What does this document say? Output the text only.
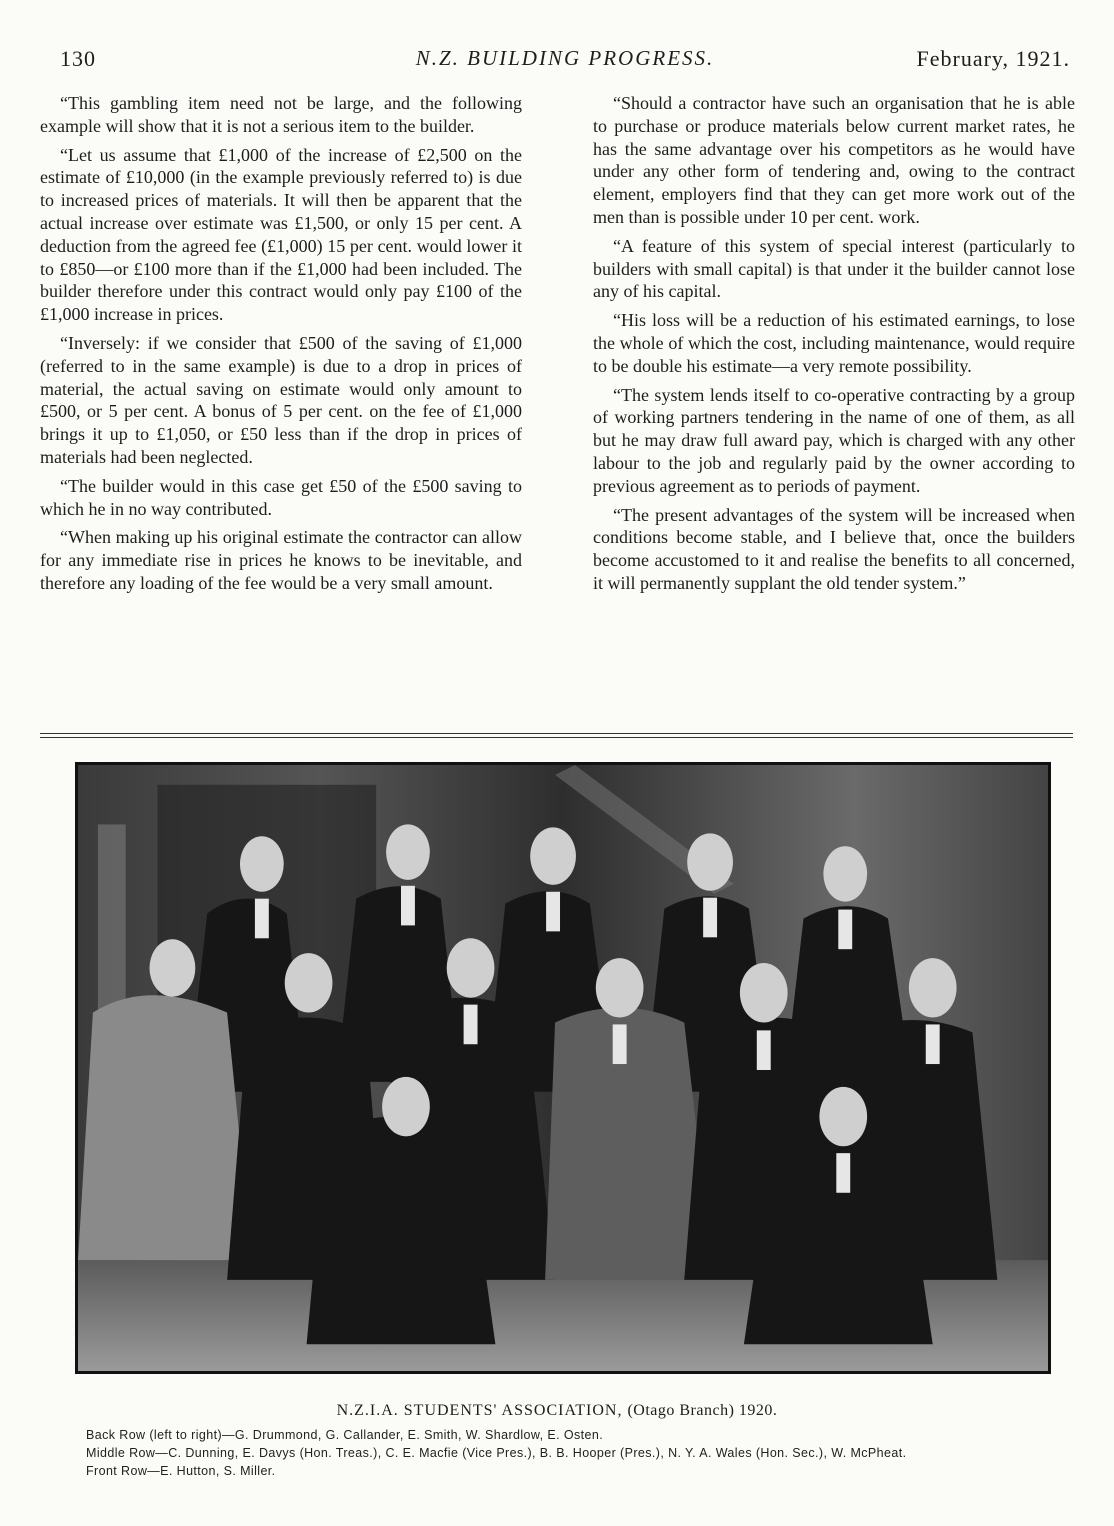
130	N.Z. BUILDING PROGRESS.	February, 1921.

“This gambling item need not be large, and the following example will show that it is not a serious item to the builder.

“Let us assume that £1,000 of the increase of £2,500 on the estimate of £10,000 (in the example previously referred to) is due to increased prices of materials. It will then be apparent that the actual increase over estimate was £1,500, or only 15 per cent. A deduction from the agreed fee (£1,000) 15 per cent. would lower it to £850—or £100 more than if the £1,000 had been included. The builder therefore under this contract would only pay £100 of the £1,000 increase in prices.

“Inversely: if we consider that £500 of the saving of £1,000 (referred to in the same example) is due to a drop in prices of material, the actual saving on estimate would only amount to £500, or 5 per cent. A bonus of 5 per cent. on the fee of £1,000 brings it up to £1,050, or £50 less than if the drop in prices of materials had been neglected.

“The builder would in this case get £50 of the £500 saving to which he in no way contributed.

“When making up his original estimate the contractor can allow for any immediate rise in prices he knows to be inevitable, and therefore any loading of the fee would be a very small amount.

“Should a contractor have such an organisation that he is able to purchase or produce materials below current market rates, he has the same advantage over his competitors as he would have under any other form of tendering and, owing to the contract element, employers find that they can get more work out of the men than is possible under 10 per cent. work.

“A feature of this system of special interest (particularly to builders with small capital) is that under it the builder cannot lose any of his capital.

“His loss will be a reduction of his estimated earnings, to lose the whole of which the cost, including maintenance, would require to be double his estimate—a very remote possibility.

“The system lends itself to co-operative contracting by a group of working partners tendering in the name of one of them, as all but he may draw full award pay, which is charged with any other labour to the job and regularly paid by the owner according to previous agreement as to periods of payment.

“The present advantages of the system will be increased when conditions become stable, and I believe that, once the builders become accustomed to it and realise the benefits to all concerned, it will permanently supplant the old tender system.”

N.Z.I.A. STUDENTS' ASSOCIATION, (Otago Branch) 1920.
Back Row (left to right)—G. Drummond, G. Callander, E. Smith, W. Shardlow, E. Osten.
Middle Row—C. Dunning, E. Davys (Hon. Treas.), C. E. Macfie (Vice Pres.), B. B. Hooper (Pres.), N. Y. A. Wales (Hon. Sec.), W. McPheat.
Front Row—E. Hutton, S. Miller.
